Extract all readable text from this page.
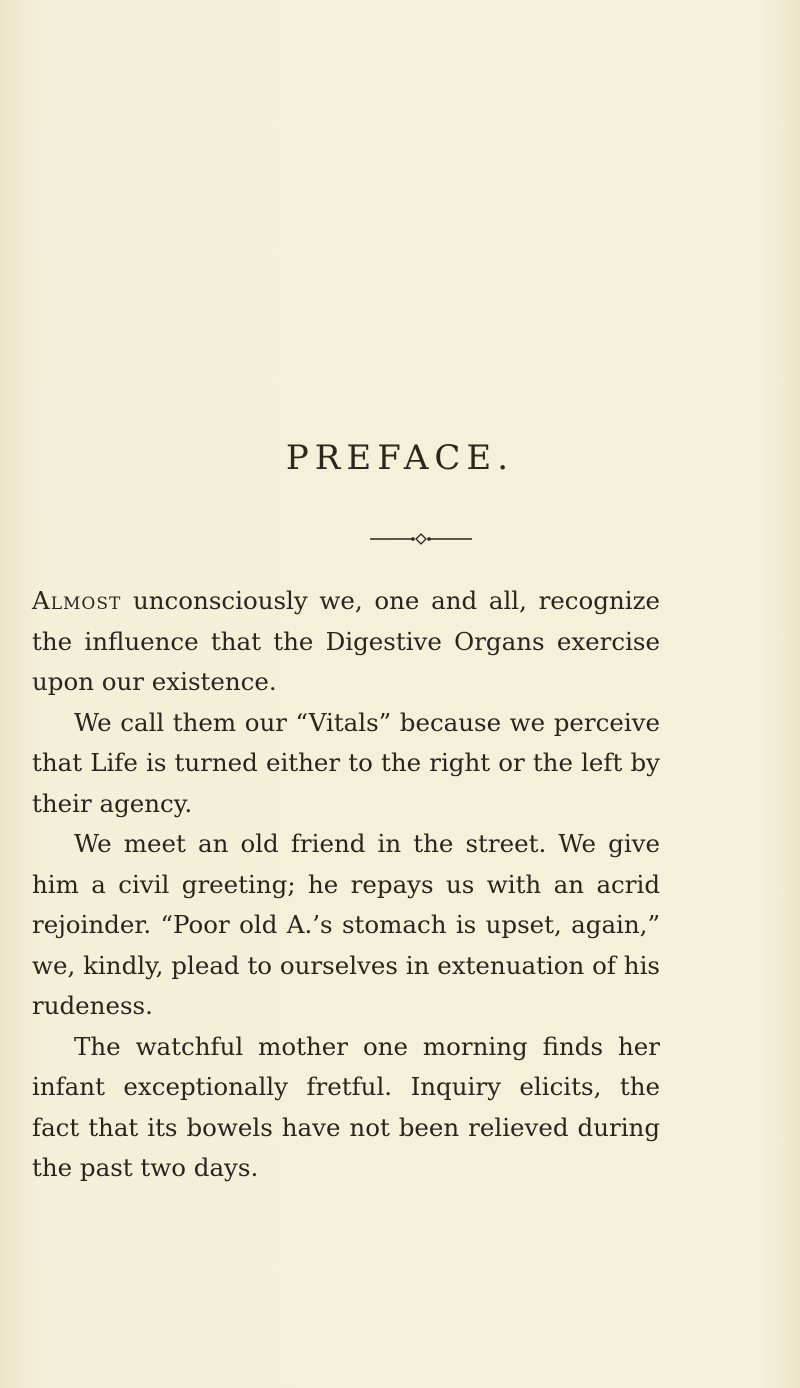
PREFACE.

Almost unconsciously we, one and all, recognize the influence that the Digestive Organs exercise upon our existence.

We call them our “Vitals” because we perceive that Life is turned either to the right or the left by their agency.

We meet an old friend in the street. We give him a civil greeting; he repays us with an acrid rejoinder. “Poor old A.’s stomach is upset, again,” we, kindly, plead to ourselves in extenuation of his rudeness.

The watchful mother one morning finds her infant exceptionally fretful. Inquiry elicits, the fact that its bowels have not been relieved during the past two days.
